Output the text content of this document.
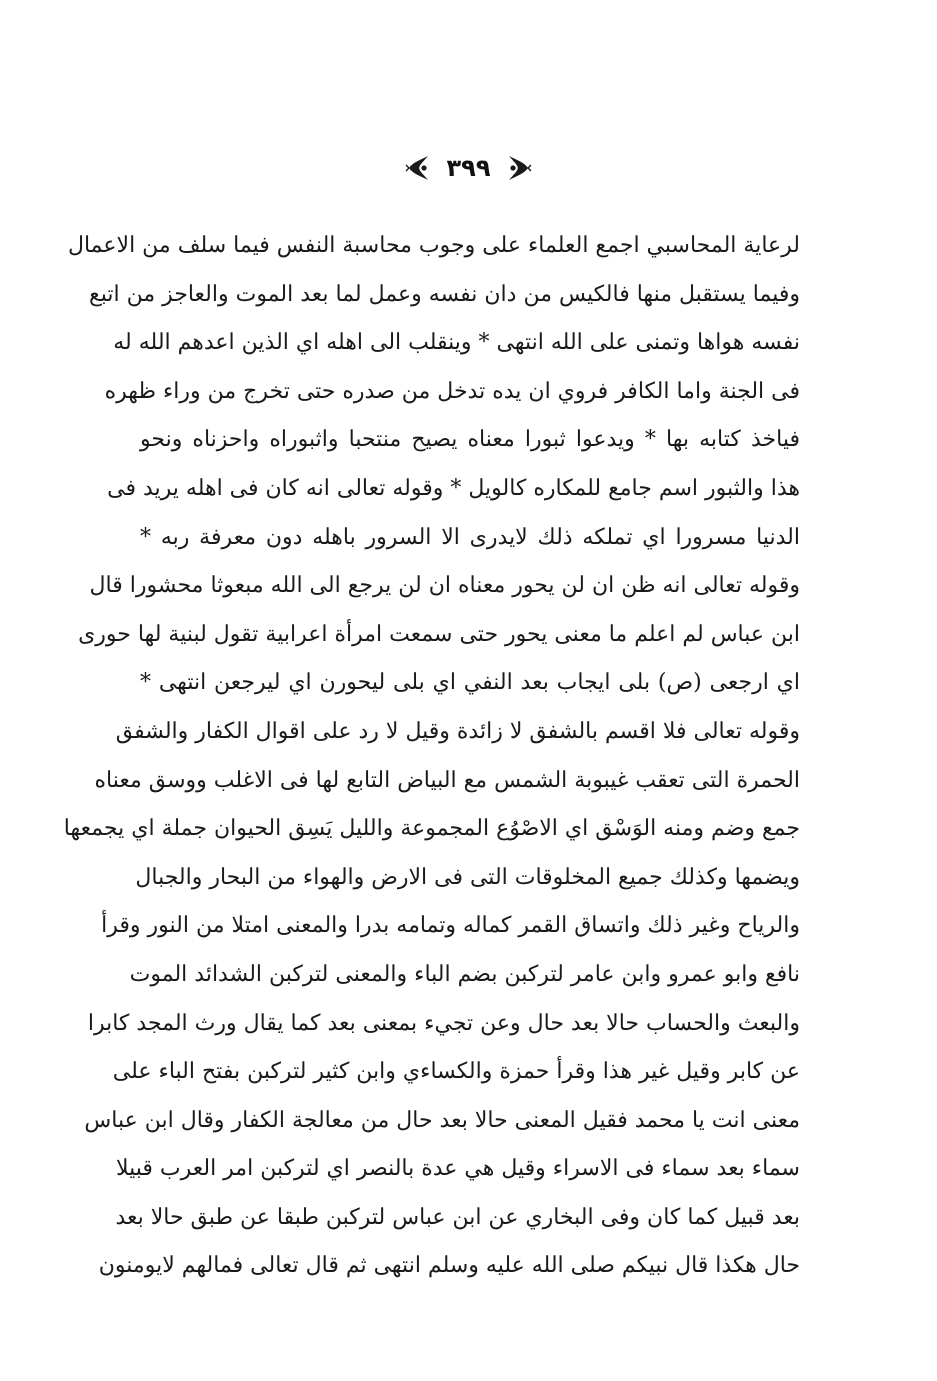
٣٩٩
لرعاية المحاسبي اجمع العلماء على وجوب محاسبة النفس فيما سلف من الاعمال
وفيما يستقبل منها فالكيس من دان نفسه وعمل لما بعد الموت والعاجز من اتبع
نفسه هواها وتمنى على الله انتهى * وينقلب الى اهله اي الذين اعدهم الله له
فى الجنة واما الكافر فروي ان يده تدخل من صدره حتى تخرج من وراء ظهره
فياخذ كتابه بها * ويدعوا ثبورا معناه يصيح منتحبا واثبوراه واحزناه ونحو
هذا والثبور اسم جامع للمكاره كالويل * وقوله تعالى انه كان فى اهله يريد فى
الدنيا مسرورا اي تملكه ذلك لايدرى الا السرور باهله دون معرفة ربه *
وقوله تعالى انه ظن ان لن يحور معناه ان لن يرجع الى الله مبعوثا محشورا قال
ابن عباس لم اعلم ما معنى يحور حتى سمعت امرأة اعرابية تقول لبنية لها حورى
اي ارجعى (ص) بلى ايجاب بعد النفي اي بلى ليحورن اي ليرجعن انتهى *
وقوله تعالى فلا اقسم بالشفق لا زائدة وقيل لا رد على اقوال الكفار والشفق
الحمرة التى تعقب غيبوبة الشمس مع البياض التابع لها فى الاغلب ووسق معناه
جمع وضم ومنه الوَسْق اي الاصْوُع المجموعة والليل يَسِق الحيوان جملة اي يجمعها
ويضمها وكذلك جميع المخلوقات التى فى الارض والهواء من البحار والجبال
والرياح وغير ذلك واتساق القمر كماله وتمامه بدرا والمعنى امتلا من النور وقرأ
نافع وابو عمرو وابن عامر لتركبن بضم الباء والمعنى لتركبن الشدائد الموت
والبعث والحساب حالا بعد حال وعن تجيء بمعنى بعد كما يقال ورث المجد كابرا
عن كابر وقيل غير هذا وقرأ حمزة والكساءي وابن كثير لتركبن بفتح الباء على
معنى انت يا محمد فقيل المعنى حالا بعد حال من معالجة الكفار وقال ابن عباس
سماء بعد سماء فى الاسراء وقيل هي عدة بالنصر اي لتركبن امر العرب قبيلا
بعد قبيل كما كان وفى البخاري عن ابن عباس لتركبن طبقا عن طبق حالا بعد
حال هكذا قال نبيكم صلى الله عليه وسلم انتهى ثم قال تعالى فمالهم لايومنون
